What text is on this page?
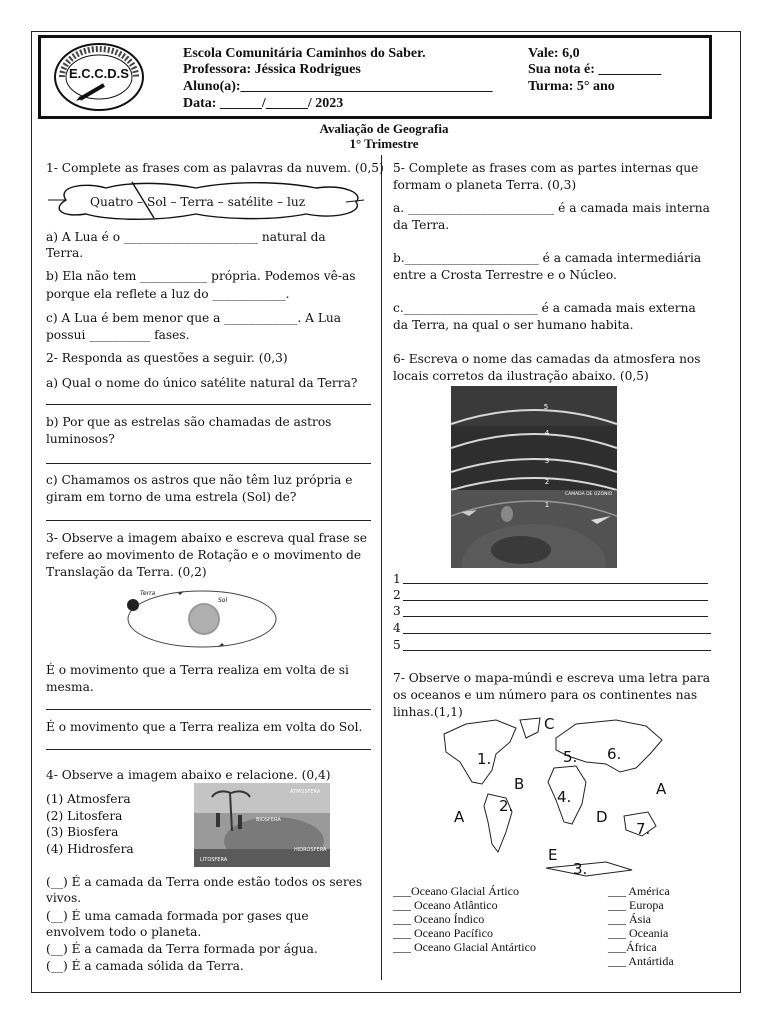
E.C.C.D.S
Escola Comunitária Caminhos do Saber.
Professora: Jéssica Rodrigues
Aluno(a):____________________________________
Data: ______/______/ 2023
Vale: 6,0
Sua nota é: _________
Turma: 5° ano
Avaliação de Geografia
1° Trimestre
1- Complete as frases com as palavras da nuvem. (0,5)
Quatro – Sol – Terra – satélite – luz
a) A Lua é o ______________________ natural da
Terra.
b) Ela não tem ___________ própria. Podemos vê-as
porque ela reflete a luz do ____________.
c) A Lua é bem menor que a ____________. A Lua
possui __________ fases.
2- Responda as questões a seguir. (0,3)
a) Qual o nome do único satélite natural da Terra?
b) Por que as estrelas são chamadas de astros
luminosos?
c) Chamamos os astros que não têm luz própria e
giram em torno de uma estrela (Sol) de?
3- Observe a imagem abaixo e escreva qual frase se
refere ao movimento de Rotação e o movimento de
Translação da Terra. (0,2)
Terra
Sol
É o movimento que a Terra realiza em volta de si
mesma.
É o movimento que a Terra realiza em volta do Sol.
4- Observe a imagem abaixo e relacione. (0,4)
(1) Atmosfera
(2) Litosfera
(3) Biosfera
(4) Hidrosfera
ATMOSFERA
BIOSFERA
HIDROSFERA
LITOSFERA
(__) É a camada da Terra onde estão todos os seres
vivos.
(__) É uma camada formada por gases que
envolvem todo o planeta.
(__) É a camada da Terra formada por água.
(__) É a camada sólida da Terra.
5- Complete as frases com as partes internas que
formam o planeta Terra. (0,3)
a. ________________________ é a camada mais interna
da Terra.
b.______________________ é a camada intermediária
entre a Crosta Terrestre e o Núcleo.
c.______________________ é a camada mais externa
da Terra, na qual o ser humano habita.
6- Escreva o nome das camadas da atmosfera nos
locais corretos da ilustração abaixo. (0,5)
5
4
3
2
1
CAMADA DE OZÔNIO
1
2
3
4
5
7- Observe o mapa-múndi e escreva uma letra para
os oceanos e um número para os continentes nas
linhas.(1,1)
C
B
A	D
E
A
1.
2.
3.
4.
5. 6.
7.
___Oceano Glacial Ártico
___ Oceano Atlântico
___ Oceano Índico
___ Oceano Pacífico
___ Oceano Glacial Antártico
___ América
___ Europa
___ Ásia
___ Oceania
___África
___ Antártida
